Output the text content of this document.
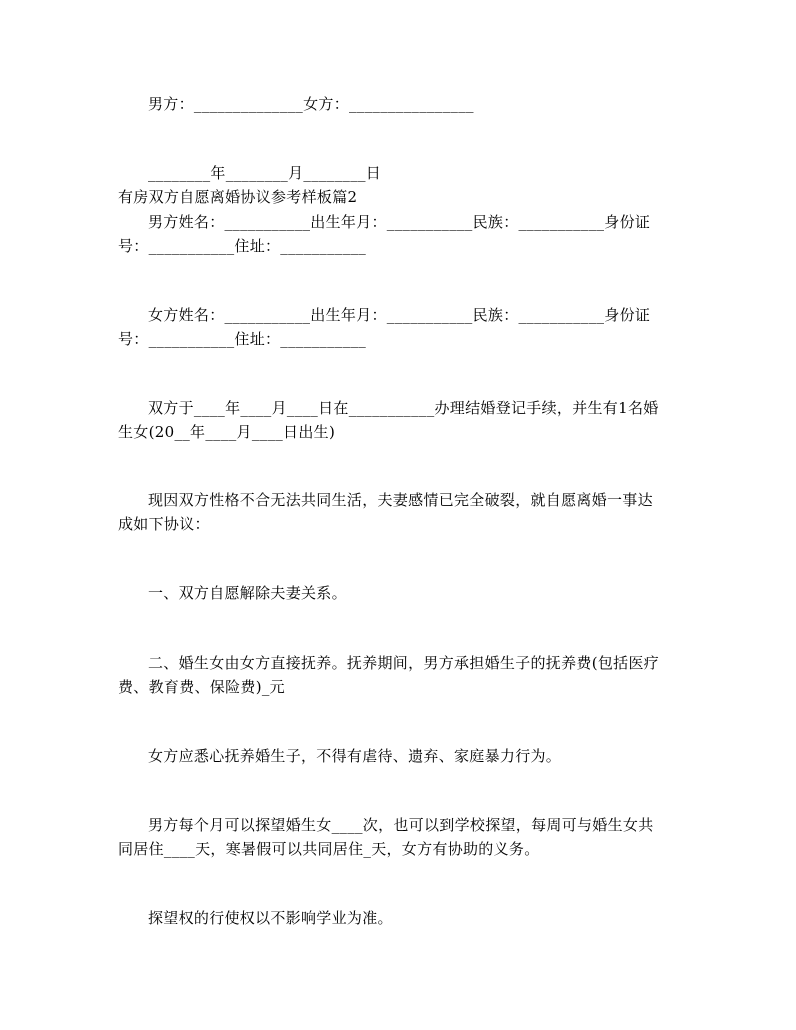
男方：______________女方：________________
________年________月________日
有房双方自愿离婚协议参考样板篇2
男方姓名：___________出生年月：___________民族：___________身份证
号：___________住址：___________
女方姓名：___________出生年月：___________民族：___________身份证
号：___________住址：___________
双方于____年____月____日在___________办理结婚登记手续，并生有1名婚
生女(20__年____月____日出生)
现因双方性格不合无法共同生活，夫妻感情已完全破裂，就自愿离婚一事达
成如下协议：
一、双方自愿解除夫妻关系。
二、婚生女由女方直接抚养。抚养期间，男方承担婚生子的抚养费(包括医疗
费、教育费、保险费)_元
女方应悉心抚养婚生子，不得有虐待、遗弃、家庭暴力行为。
男方每个月可以探望婚生女____次，也可以到学校探望，每周可与婚生女共
同居住____天，寒暑假可以共同居住_天，女方有协助的义务。
探望权的行使权以不影响学业为准。
